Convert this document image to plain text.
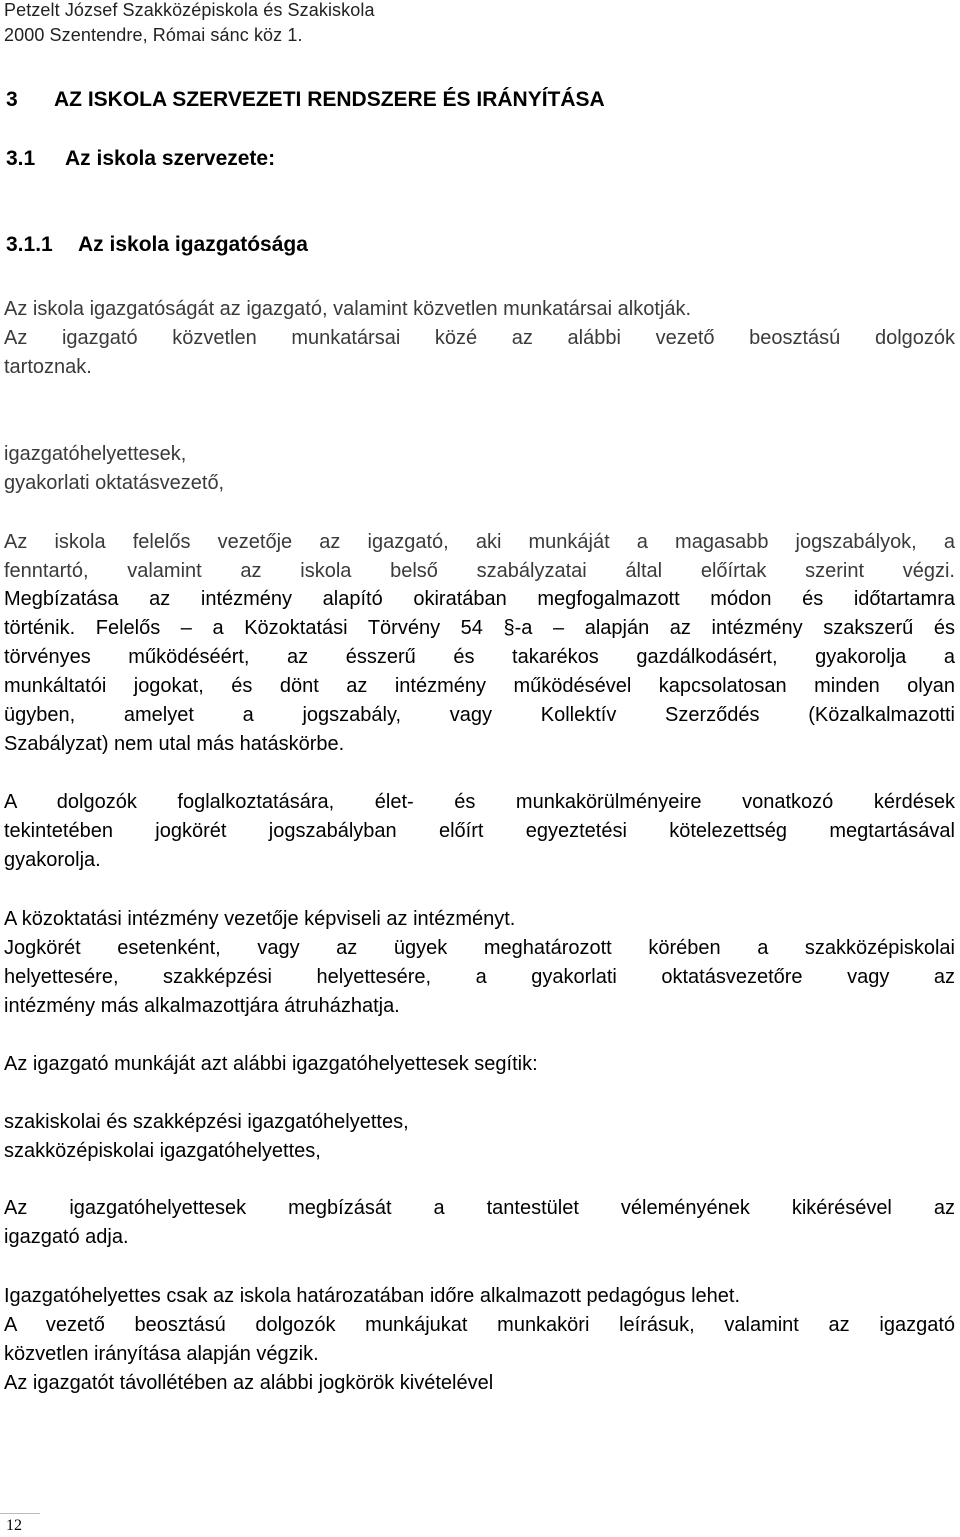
Petzelt József Szakközépiskola és Szakiskola
2000 Szentendre, Római sánc köz 1.
3 AZ ISKOLA SZERVEZETI RENDSZERE ÉS IRÁNYÍTÁSA
3.1 Az iskola szervezete:
3.1.1 Az iskola igazgatósága
Az iskola igazgatóságát az igazgató, valamint közvetlen munkatársai alkotják.
Az igazgató közvetlen munkatársai közé az alábbi vezető beosztású dolgozók
tartoznak.
igazgatóhelyettesek,
gyakorlati oktatásvezető,
Az iskola felelős vezetője az igazgató, aki munkáját a magasabb jogszabályok, a
fenntartó, valamint az iskola belső szabályzatai által előírtak szerint végzi.
Megbízatása az intézmény alapító okiratában megfogalmazott módon és időtartamra
történik. Felelős – a Közoktatási Törvény 54 §-a – alapján az intézmény szakszerű és
törvényes működéséért, az ésszerű és takarékos gazdálkodásért, gyakorolja a
munkáltatói jogokat, és dönt az intézmény működésével kapcsolatosan minden olyan
ügyben, amelyet a jogszabály, vagy Kollektív Szerződés (Közalkalmazotti
Szabályzat) nem utal más hatáskörbe.
A dolgozók foglalkoztatására, élet- és munkakörülményeire vonatkozó kérdések
tekintetében jogkörét jogszabályban előírt egyeztetési kötelezettség megtartásával
gyakorolja.
A közoktatási intézmény vezetője képviseli az intézményt.
Jogkörét esetenként, vagy az ügyek meghatározott körében a szakközépiskolai
helyettesére, szakképzési helyettesére, a gyakorlati oktatásvezetőre vagy az
intézmény más alkalmazottjára átruházhatja.
Az igazgató munkáját azt alábbi igazgatóhelyettesek segítik:
szakiskolai és szakképzési igazgatóhelyettes,
szakközépiskolai igazgatóhelyettes,
Az igazgatóhelyettesek megbízását a tantestület véleményének kikérésével az
igazgató adja.
Igazgatóhelyettes csak az iskola határozatában időre alkalmazott pedagógus lehet.
A vezető beosztású dolgozók munkájukat munkaköri leírásuk, valamint az igazgató
közvetlen irányítása alapján végzik.
Az igazgatót távollétében az alábbi jogkörök kivételével
12
